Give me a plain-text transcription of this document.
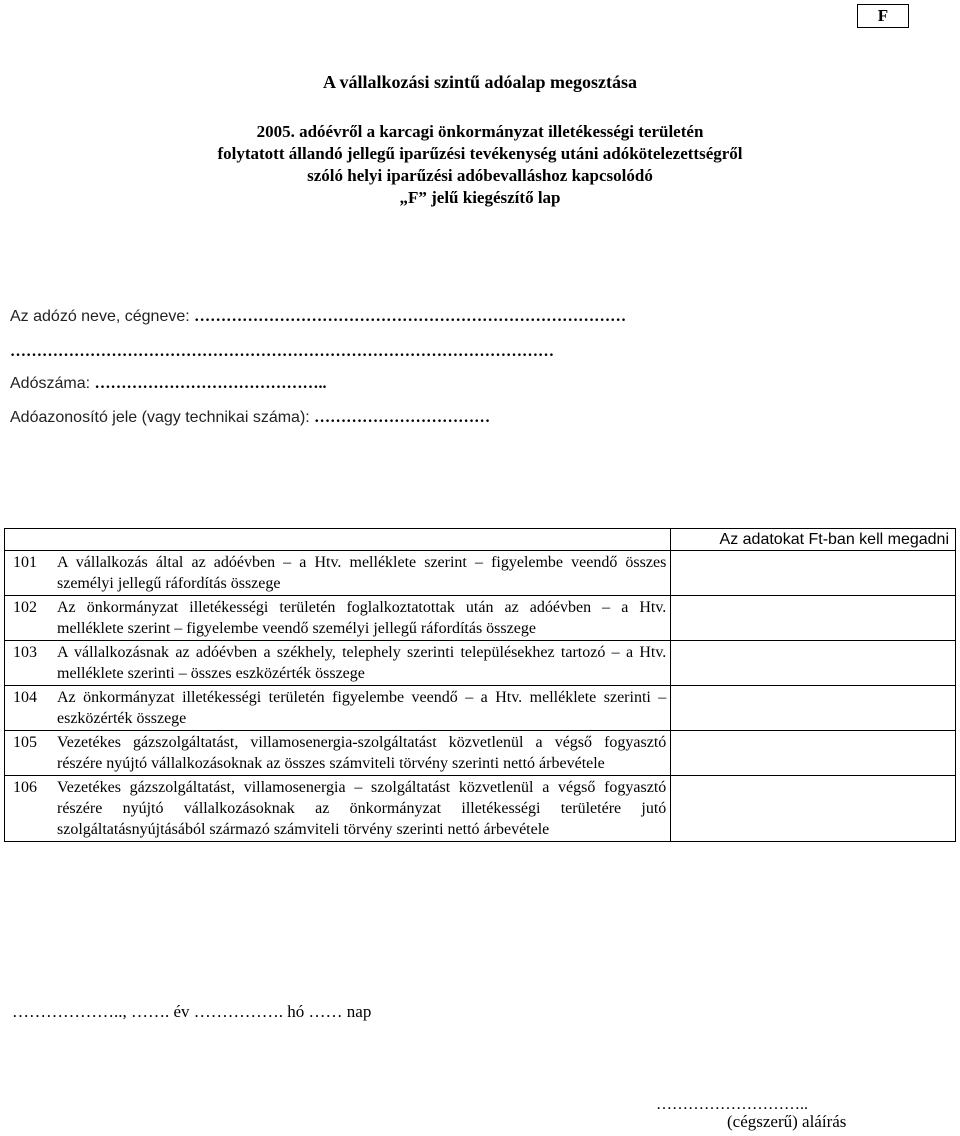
F
A vállalkozási szintű adóalap megosztása
2005. adóévről a karcagi önkormányzat illetékességi területén
folytatott állandó jellegű iparűzési tevékenység utáni adókötelezettségről
szóló helyi iparűzési adóbevalláshoz kapcsolódó
„F” jelű kiegészítő lap
Az adózó neve, cégneve: ………………………………………………………………………
…………………………………………………………………………………………
Adószáma: ……………………………………..
Adóazonosító jele (vagy technikai száma): ……………………………
	Az adatokat Ft-ban kell megadni

101 A vállalkozás által az adóévben – a Htv. melléklete szerint – figyelembe veendő összes személyi jellegű ráfordítás összege	

102 Az önkormányzat illetékességi területén foglalkoztatottak után az adóévben – a Htv. melléklete szerint – figyelembe veendő személyi jellegű ráfordítás összege	

103 A vállalkozásnak az adóévben a székhely, telephely szerinti településekhez tartozó – a Htv. melléklete szerinti – összes eszközérték összege	

104 Az önkormányzat illetékességi területén figyelembe veendő – a Htv. melléklete szerinti – eszközérték összege	

105 Vezetékes gázszolgáltatást, villamosenergia-szolgáltatást közvetlenül a végső fogyasztó részére nyújtó vállalkozásoknak az összes számviteli törvény szerinti nettó árbevétele	

106 Vezetékes gázszolgáltatást, villamosenergia – szolgáltatást közvetlenül a végső fogyasztó részére nyújtó vállalkozásoknak az önkormányzat illetékességi területére jutó szolgáltatásnyújtásából származó számviteli törvény szerinti nettó árbevétele	

……………….., ……. év ……………. hó …… nap
………………………..
(cégszerű) aláírás
